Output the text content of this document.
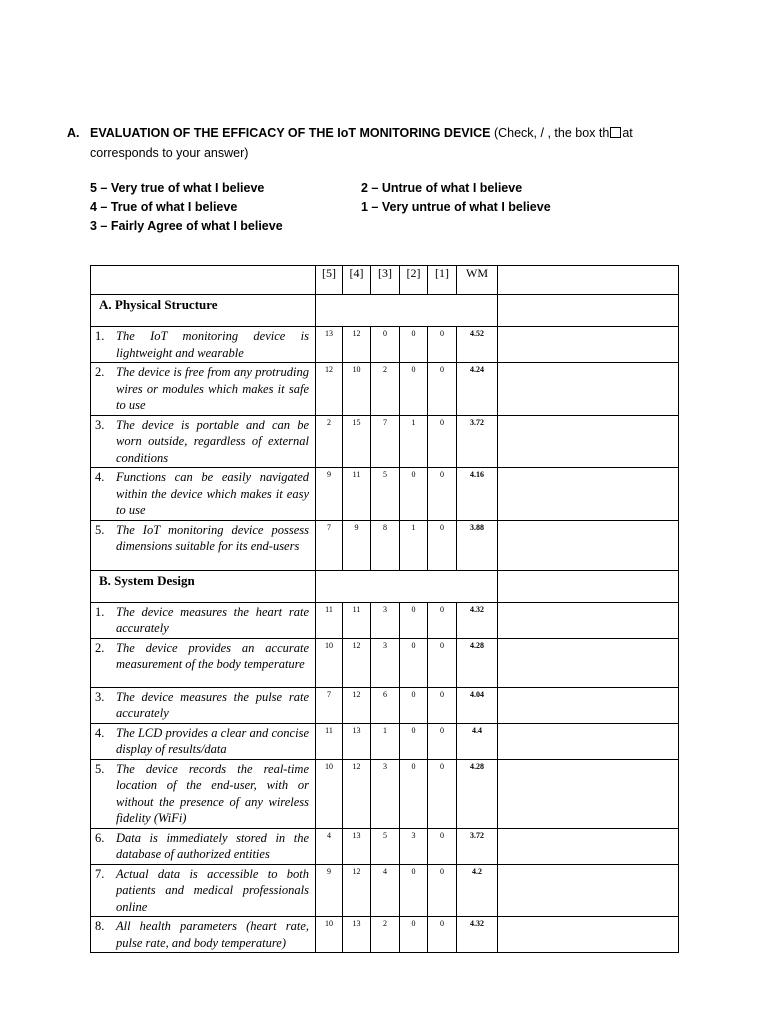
A. EVALUATION OF THE EFFICACY OF THE IoT MONITORING DEVICE (Check, / , the box th at corresponds to your answer)
5 – Very true of what I believe
4 – True of what I believe
3 – Fairly Agree of what I believe
2 – Untrue of what I believe
1 – Very untrue of what I believe
	[5]	[4]	[3]	[2]	[1]	WM	
A. Physical Structure							

1. The IoT monitoring device is lightweight and wearable	13	12	0	0	0	4.52	

2. The device is free from any protruding wires or modules which makes it safe to use	12	10	2	0	0	4.24	

3. The device is portable and can be worn outside, regardless of external conditions	2	15	7	1	0	3.72	

4. Functions can be easily navigated within the device which makes it easy to use	9	11	5	0	0	4.16	

5. The IoT monitoring device possess dimensions suitable for its end-users	7	9	8	1	0	3.88	
B. System Design							

1. The device measures the heart rate accurately	11	11	3	0	0	4.32	

2. The device provides an accurate measurement of the body temperature	10	12	3	0	0	4.28	

3. The device measures the pulse rate accurately	7	12	6	0	0	4.04	

4. The LCD provides a clear and concise display of results/data	11	13	1	0	0	4.4	

5. The device records the real-time location of the end-user, with or without the presence of any wireless fidelity (WiFi)	10	12	3	0	0	4.28	

6. Data is immediately stored in the database of authorized entities	4	13	5	3	0	3.72	

7. Actual data is accessible to both patients and medical professionals online	9	12	4	0	0	4.2	

8. All health parameters (heart rate, pulse rate, and body temperature)	10	13	2	0	0	4.32	
